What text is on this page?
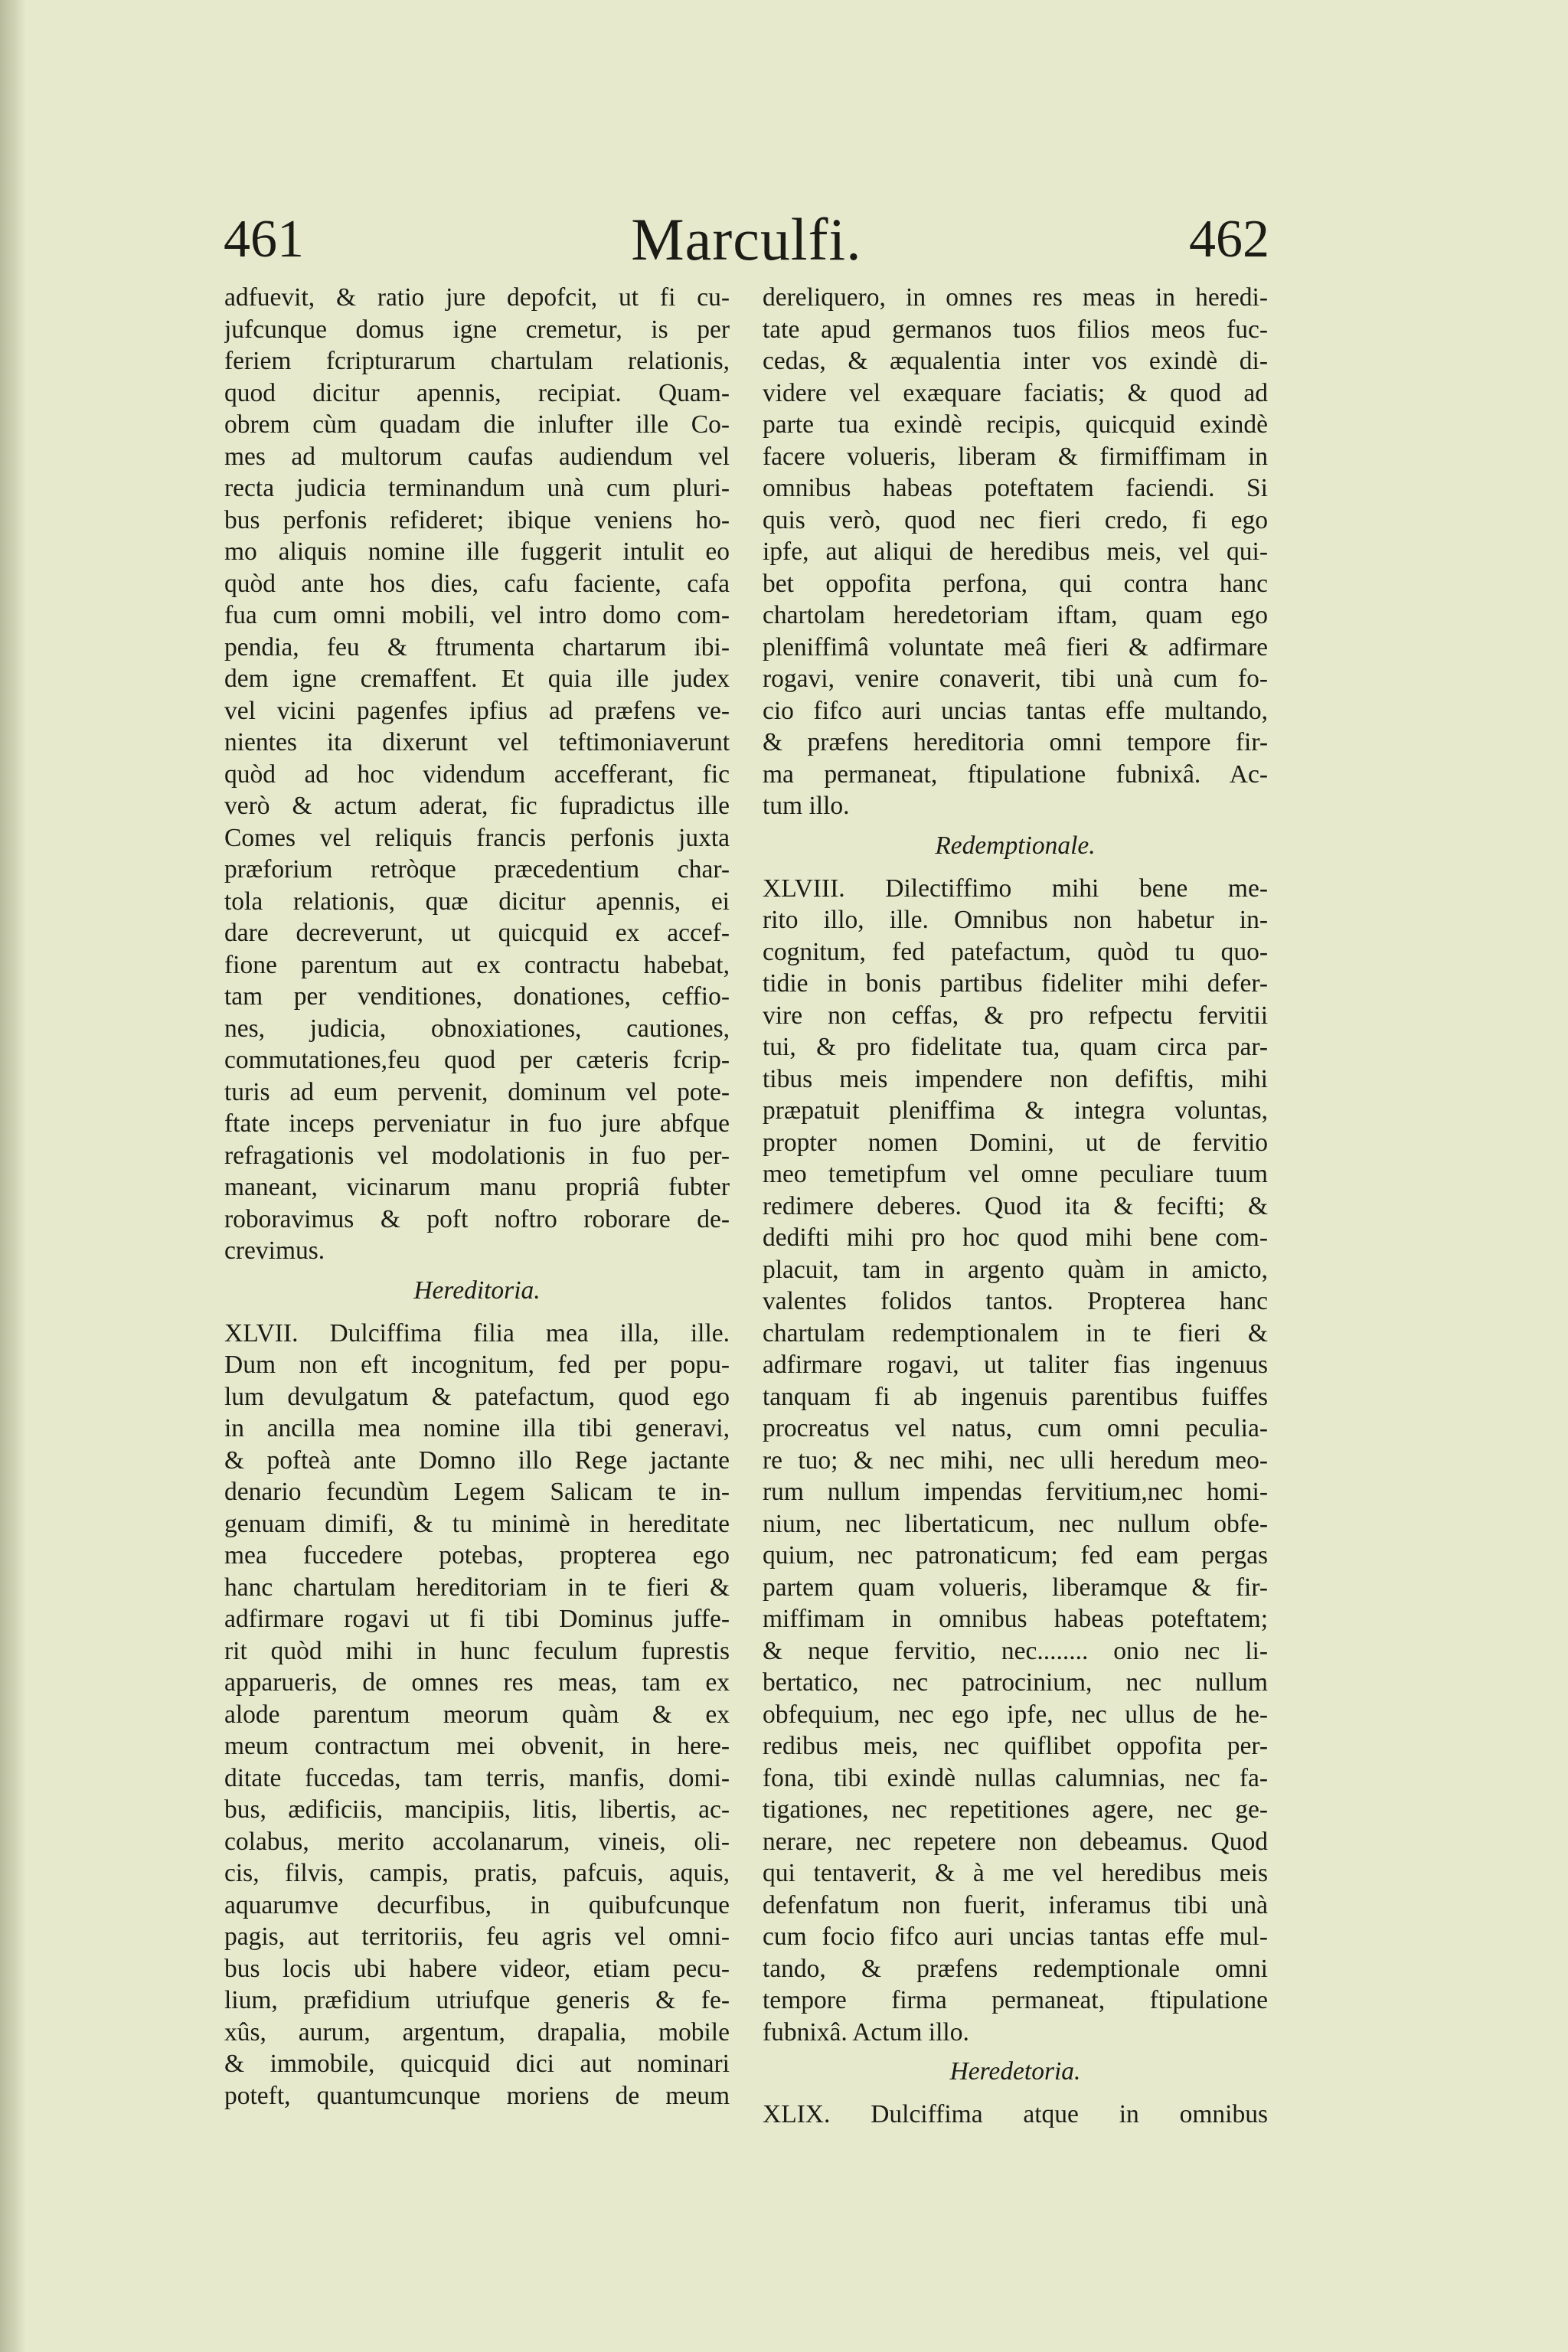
461	Marculfi.	462
adfuevit, & ratio jure depofcit, ut fi cu-
jufcunque domus igne cremetur, is per
feriem fcripturarum chartulam relationis,
quod dicitur apennis, recipiat. Quam-
obrem cùm quadam die inlufter ille Co-
mes ad multorum caufas audiendum vel
recta judicia terminandum unà cum pluri-
bus perfonis refideret; ibique veniens ho-
mo aliquis nomine ille fuggerit intulit eo
quòd ante hos dies, cafu faciente, cafa
fua cum omni mobili, vel intro domo com-
pendia, feu & ftrumenta chartarum ibi-
dem igne cremaffent. Et quia ille judex
vel vicini pagenfes ipfius ad præfens ve-
nientes ita dixerunt vel teftimoniaverunt
quòd ad hoc videndum accefferant, fic
verò & actum aderat, fic fupradictus ille
Comes vel reliquis francis perfonis juxta
præforium retròque præcedentium char-
tola relationis, quæ dicitur apennis, ei
dare decreverunt, ut quicquid ex accef-
fione parentum aut ex contractu habebat,
tam per venditiones, donationes, ceffio-
nes, judicia, obnoxiationes, cautiones,
commutationes,feu quod per cæteris fcrip-
turis ad eum pervenit, dominum vel pote-
ftate inceps perveniatur in fuo jure abfque
refragationis vel modolationis in fuo per-
maneant, vicinarum manu propriâ fubter
roboravimus & poft noftro roborare de-
crevimus.
Hereditoria.
XLVII. Dulciffima filia mea illa, ille.
Dum non eft incognitum, fed per popu-
lum devulgatum & patefactum, quod ego
in ancilla mea nomine illa tibi generavi,
& pofteà ante Domno illo Rege jactante
denario fecundùm Legem Salicam te in-
genuam dimifi, & tu minimè in hereditate
mea fuccedere potebas, propterea ego
hanc chartulam hereditoriam in te fieri &
adfirmare rogavi ut fi tibi Dominus juffe-
rit quòd mihi in hunc feculum fuprestis
apparueris, de omnes res meas, tam ex
alode parentum meorum quàm & ex
meum contractum mei obvenit, in here-
ditate fuccedas, tam terris, manfis, domi-
bus, ædificiis, mancipiis, litis, libertis, ac-
colabus, merito accolanarum, vineis, oli-
cis, filvis, campis, pratis, pafcuis, aquis,
aquarumve decurfibus, in quibufcunque
pagis, aut territoriis, feu agris vel omni-
bus locis ubi habere videor, etiam pecu-
lium, præfidium utriufque generis & fe-
xûs, aurum, argentum, drapalia, mobile
& immobile, quicquid dici aut nominari
poteft, quantumcunque moriens de meum
dereliquero, in omnes res meas in heredi-
tate apud germanos tuos filios meos fuc-
cedas, & æqualentia inter vos exindè di-
videre vel exæquare faciatis; & quod ad
parte tua exindè recipis, quicquid exindè
facere volueris, liberam & firmiffimam in
omnibus habeas poteftatem faciendi. Si
quis verò, quod nec fieri credo, fi ego
ipfe, aut aliqui de heredibus meis, vel qui-
bet oppofita perfona, qui contra hanc
chartolam heredetoriam iftam, quam ego
pleniffimâ voluntate meâ fieri & adfirmare
rogavi, venire conaverit, tibi unà cum fo-
cio fifco auri uncias tantas effe multando,
& præfens hereditoria omni tempore fir-
ma permaneat, ftipulatione fubnixâ. Ac-
tum illo.
Redemptionale.
XLVIII. Dilectiffimo mihi bene me-
rito illo, ille. Omnibus non habetur in-
cognitum, fed patefactum, quòd tu quo-
tidie in bonis partibus fideliter mihi defer-
vire non ceffas, & pro refpectu fervitii
tui, & pro fidelitate tua, quam circa par-
tibus meis impendere non defiftis, mihi
præpatuit pleniffima & integra voluntas,
propter nomen Domini, ut de fervitio
meo temetipfum vel omne peculiare tuum
redimere deberes. Quod ita & fecifti; &
dedifti mihi pro hoc quod mihi bene com-
placuit, tam in argento quàm in amicto,
valentes folidos tantos. Propterea hanc
chartulam redemptionalem in te fieri &
adfirmare rogavi, ut taliter fias ingenuus
tanquam fi ab ingenuis parentibus fuiffes
procreatus vel natus, cum omni peculia-
re tuo; & nec mihi, nec ulli heredum meo-
rum nullum impendas fervitium,nec homi-
nium, nec libertaticum, nec nullum obfe-
quium, nec patronaticum; fed eam pergas
partem quam volueris, liberamque & fir-
miffimam in omnibus habeas poteftatem;
& neque fervitio, nec........ onio nec li-
bertatico, nec patrocinium, nec nullum
obfequium, nec ego ipfe, nec ullus de he-
redibus meis, nec quiflibet oppofita per-
fona, tibi exindè nullas calumnias, nec fa-
tigationes, nec repetitiones agere, nec ge-
nerare, nec repetere non debeamus. Quod
qui tentaverit, & à me vel heredibus meis
defenfatum non fuerit, inferamus tibi unà
cum focio fifco auri uncias tantas effe mul-
tando, & præfens redemptionale omni
tempore firma permaneat, ftipulatione
fubnixâ. Actum illo.
Heredetoria.
XLIX. Dulciffima atque in omnibus
